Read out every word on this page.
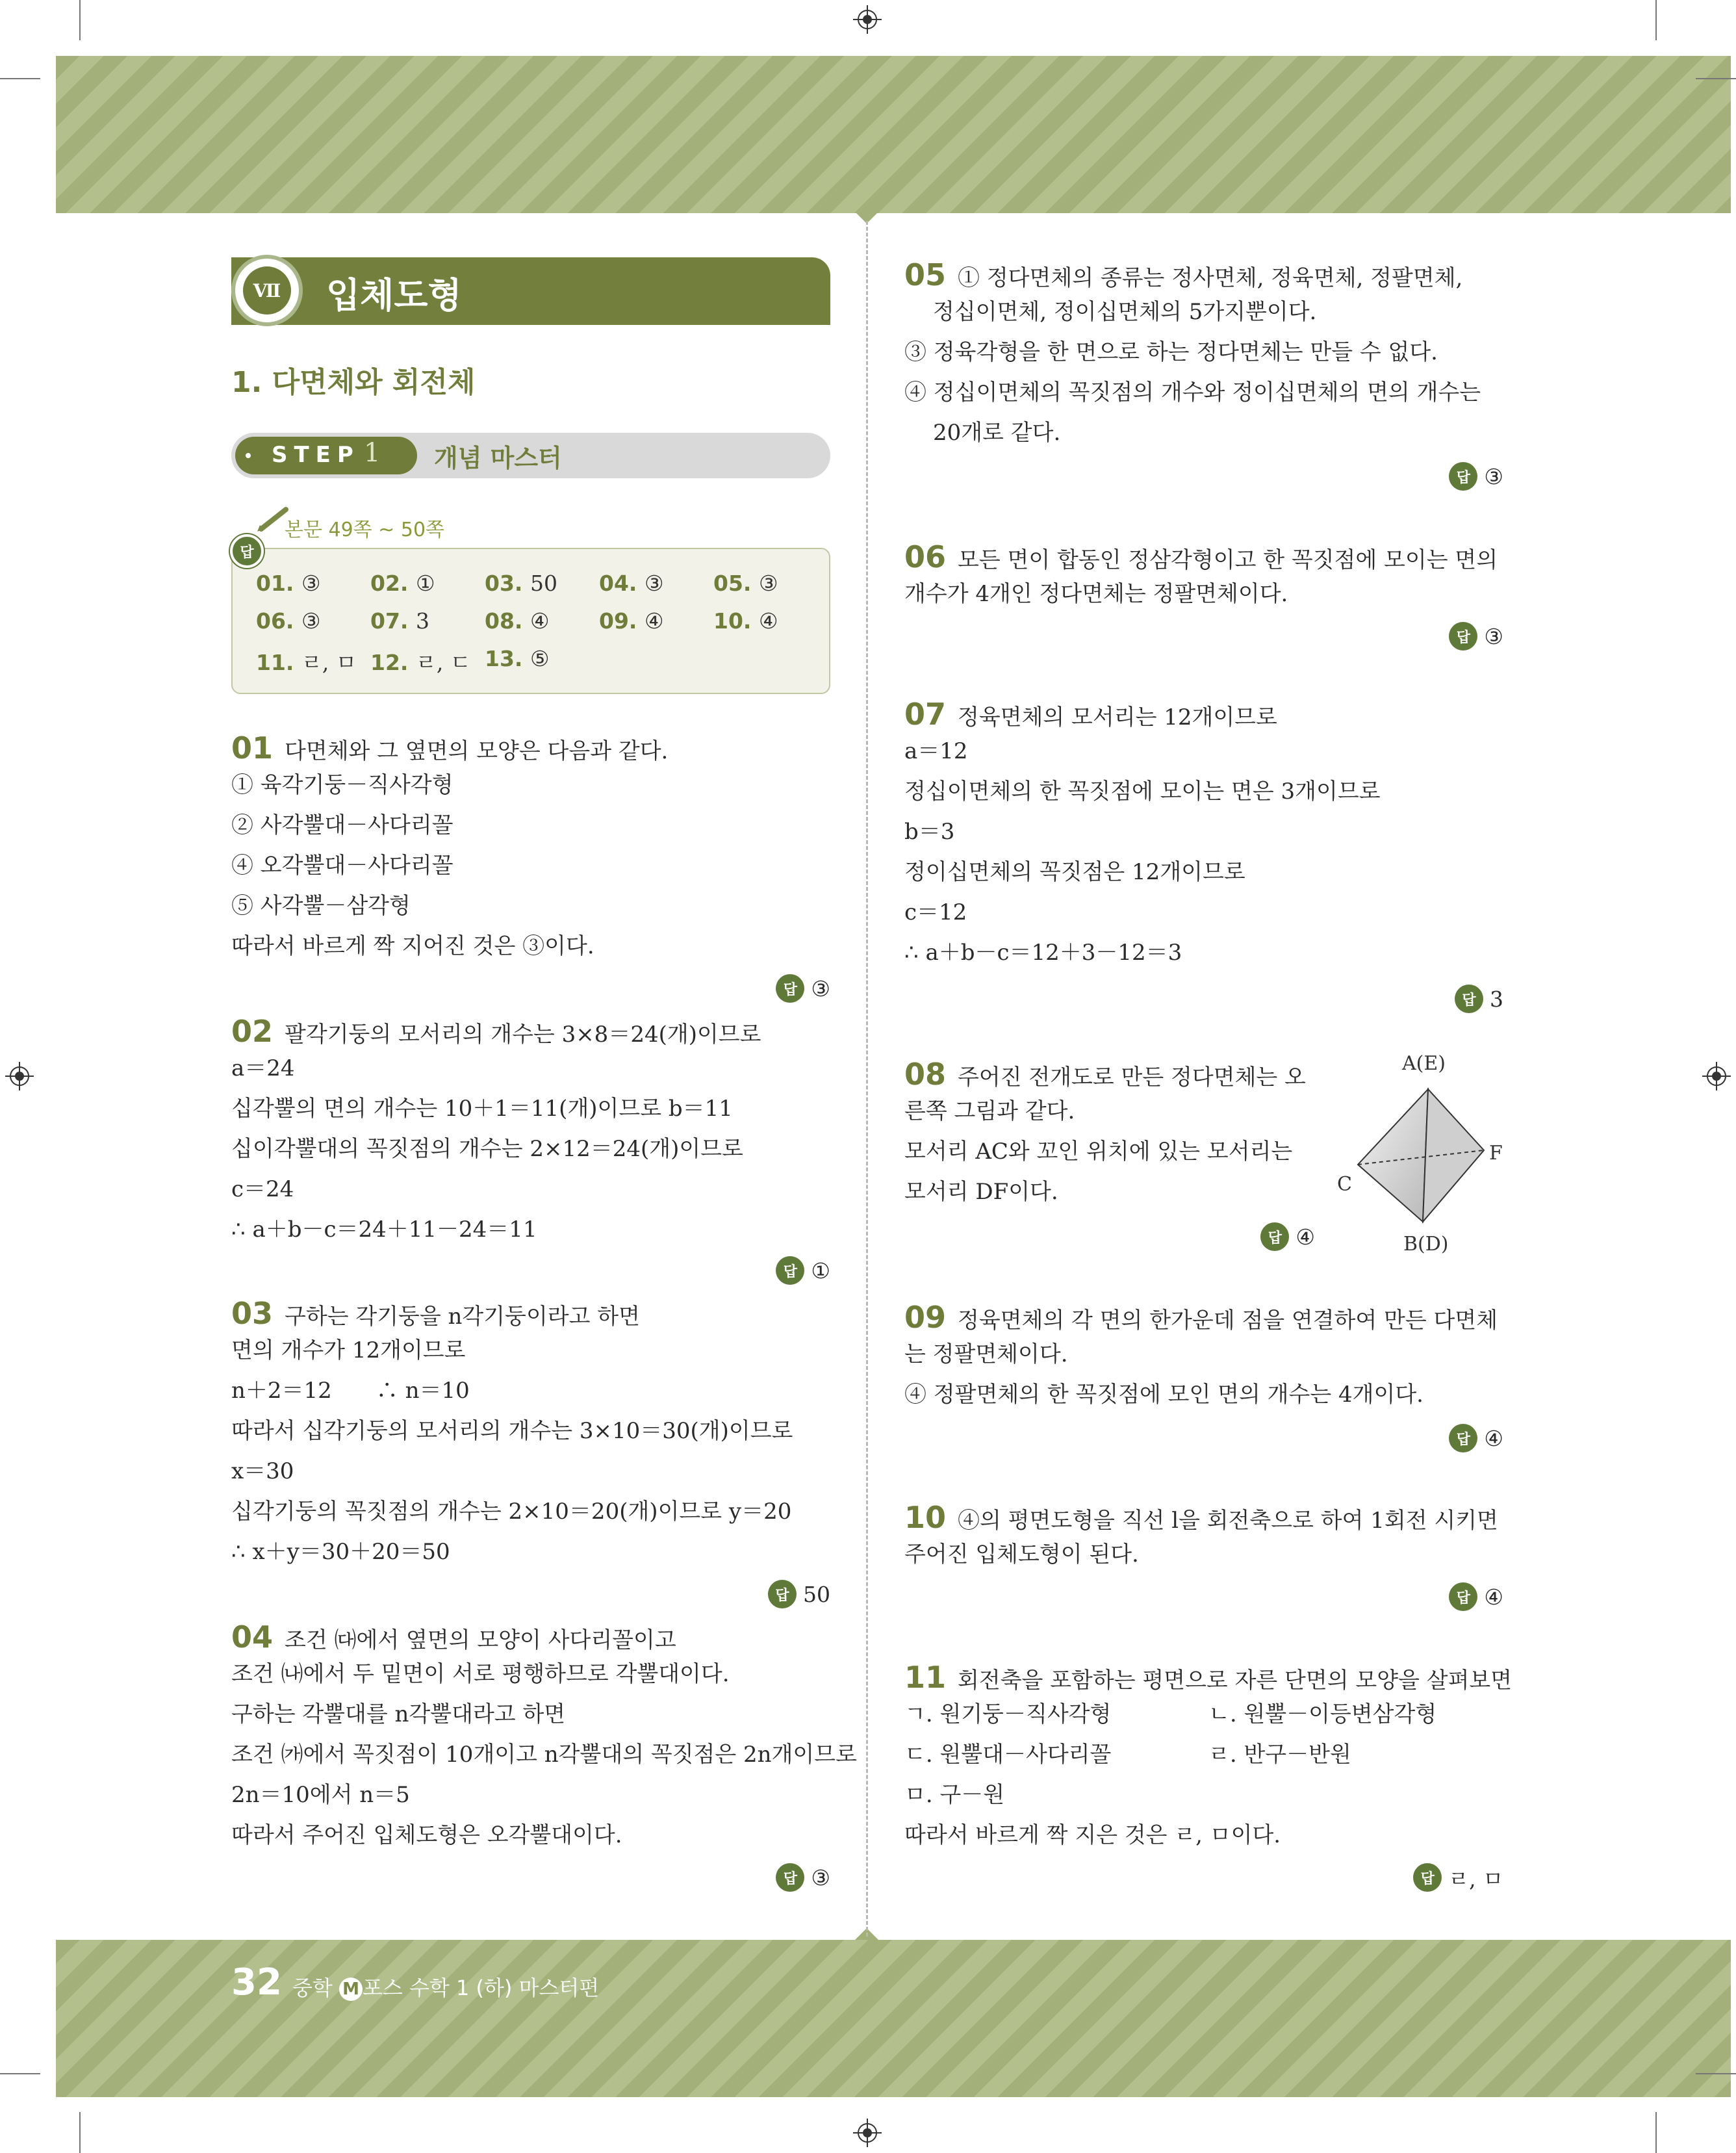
Ⅶ 입체도형
1. 다면체와 회전체
STEP 1 개념 마스터
본문 49쪽 ~ 50쪽
답
01. ③ 02. ① 03. 50 04. ③ 05. ③
06. ③ 07. 3	08. ④ 09. ④ 10. ④
11. ㄹ, ㅁ 12. ㄹ, ㄷ 13. ⑤
01 다면체와 그 옆면의 모양은 다음과 같다.
① 육각기둥－직사각형
② 사각뿔대－사다리꼴
④ 오각뿔대－사다리꼴
⑤ 사각뿔－삼각형
따라서 바르게 짝 지어진 것은 ③이다.
답 ③
02 팔각기둥의 모서리의 개수는 3×8＝24(개)이므로
a＝24
십각뿔의 면의 개수는 10＋1＝11(개)이므로 b＝11
십이각뿔대의 꼭짓점의 개수는 2×12＝24(개)이므로
c＝24
∴ a＋b－c＝24＋11－24＝11
답 ①
03 구하는 각기둥을 n각기둥이라고 하면
면의 개수가 12개이므로
n＋2＝12　　∴ n＝10
따라서 십각기둥의 모서리의 개수는 3×10＝30(개)이므로
x＝30
십각기둥의 꼭짓점의 개수는 2×10＝20(개)이므로 y＝20
∴ x＋y＝30＋20＝50
답 50
04 조건 ㈐에서 옆면의 모양이 사다리꼴이고
조건 ㈏에서 두 밑면이 서로 평행하므로 각뿔대이다.
구하는 각뿔대를 n각뿔대라고 하면
조건 ㈎에서 꼭짓점이 10개이고 n각뿔대의 꼭짓점은 2n개이므로
2n＝10에서 n＝5
따라서 주어진 입체도형은 오각뿔대이다.
답 ③
05 ① 정다면체의 종류는 정사면체, 정육면체, 정팔면체,
정십이면체, 정이십면체의 5가지뿐이다.
③ 정육각형을 한 면으로 하는 정다면체는 만들 수 없다.
④ 정십이면체의 꼭짓점의 개수와 정이십면체의 면의 개수는
20개로 같다.
답 ③
06 모든 면이 합동인 정삼각형이고 한 꼭짓점에 모이는 면의
개수가 4개인 정다면체는 정팔면체이다.
답 ③
07 정육면체의 모서리는 12개이므로
a＝12
정십이면체의 한 꼭짓점에 모이는 면은 3개이므로
b＝3
정이십면체의 꼭짓점은 12개이므로
c＝12
∴ a＋b－c＝12＋3－12＝3
답 3
08 주어진 전개도로 만든 정다면체는 오
른쪽 그림과 같다.
모서리 AC와 꼬인 위치에 있는 모서리는
모서리 DF이다.
답 ④
09 정육면체의 각 면의 한가운데 점을 연결하여 만든 다면체
는 정팔면체이다.
④ 정팔면체의 한 꼭짓점에 모인 면의 개수는 4개이다.
답 ④
10 ④의 평면도형을 직선 l을 회전축으로 하여 1회전 시키면
주어진 입체도형이 된다.
답 ④
11 회전축을 포함하는 평면으로 자른 단면의 모양을 살펴보면
ㄱ. 원기둥－직사각형	ㄴ. 원뿔－이등변삼각형
ㄷ. 원뿔대－사다리꼴	ㄹ. 반구－반원
ㅁ. 구－원
따라서 바르게 짝 지은 것은 ㄹ, ㅁ이다.
답 ㄹ, ㅁ
A(E)
C
F
B(D)
32 중학 M 포스 수학 1 (하) 마스터편
